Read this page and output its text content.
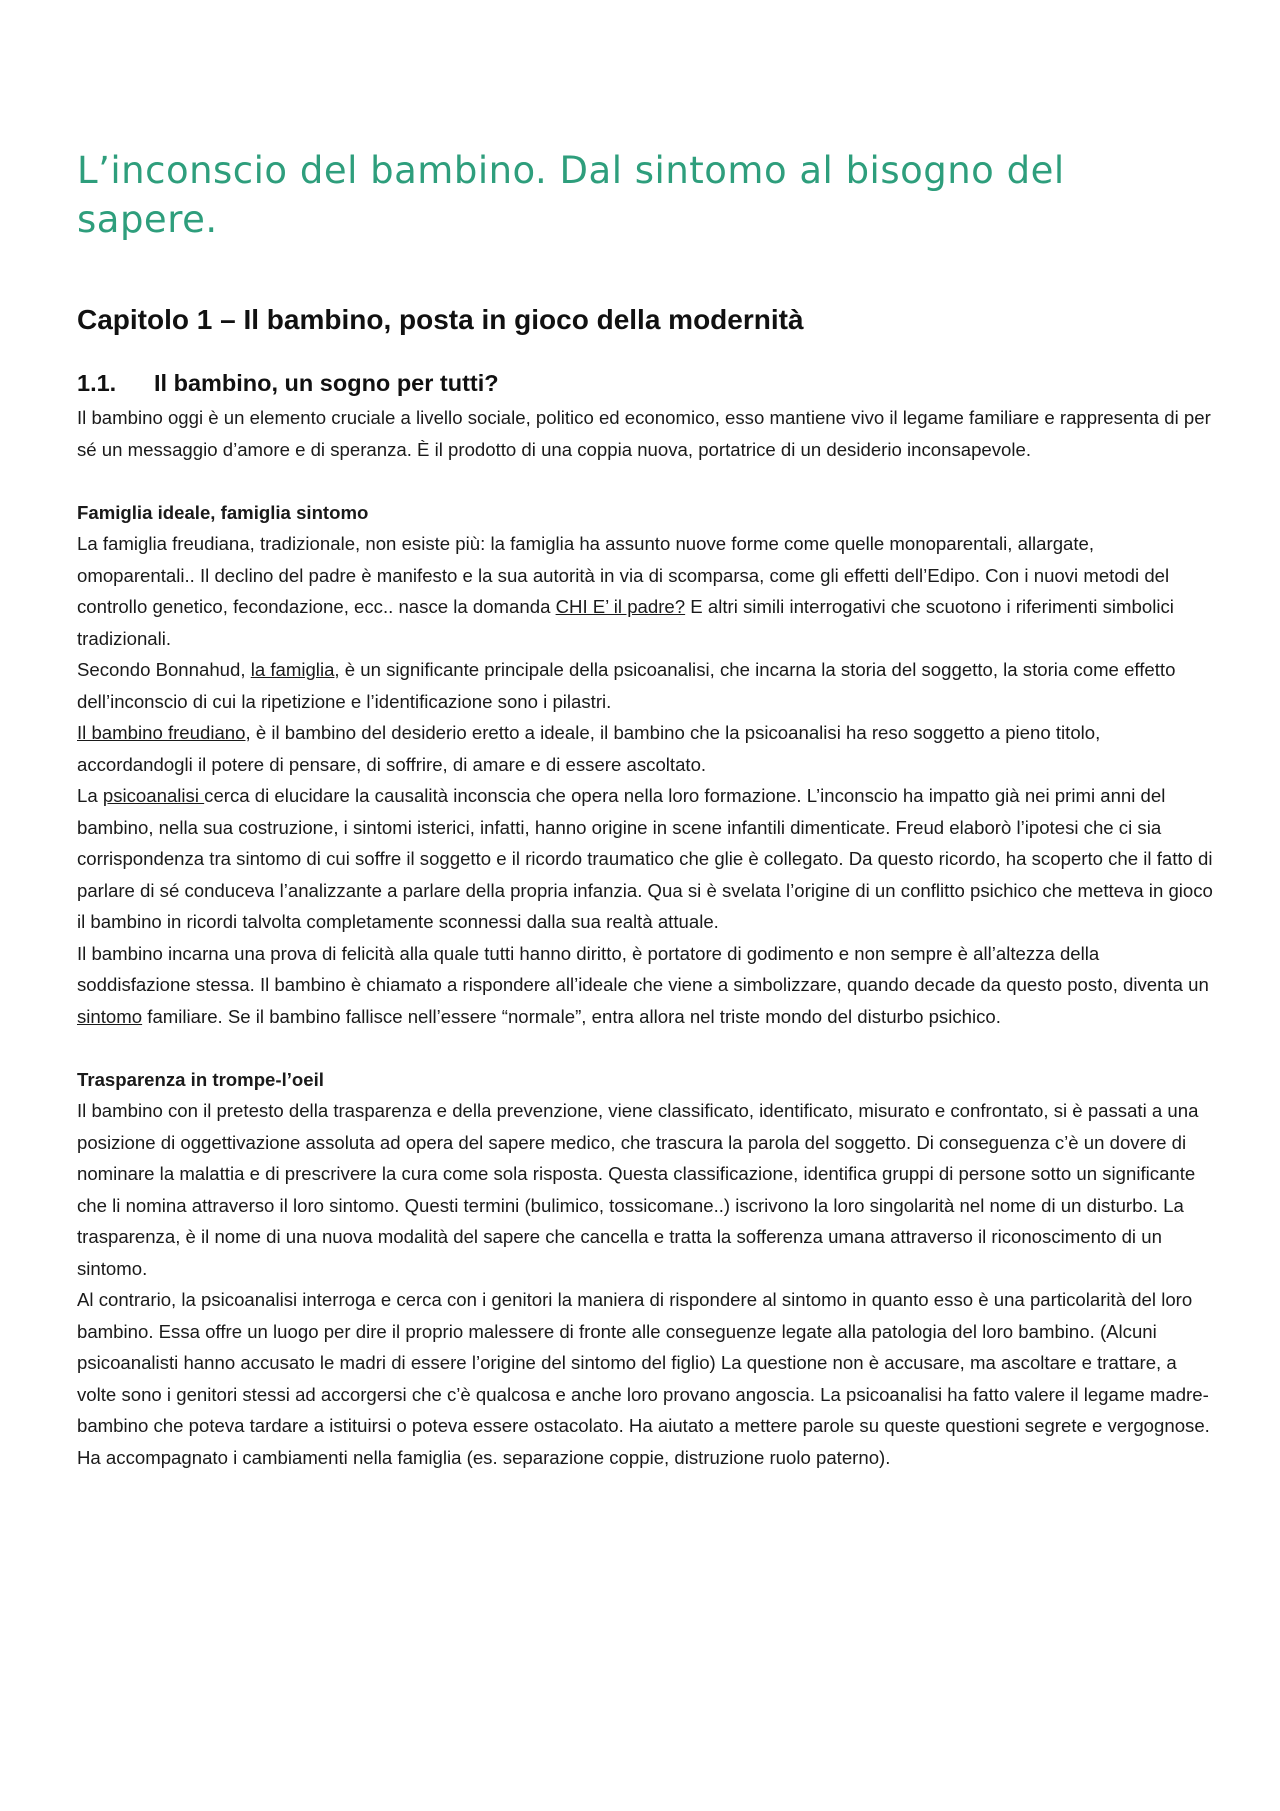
L’inconscio del bambino. Dal sintomo al bisogno del sapere.
Capitolo 1 – Il bambino, posta in gioco della modernità
1.1. Il bambino, un sogno per tutti?

Il bambino oggi è un elemento cruciale a livello sociale, politico ed economico, esso mantiene vivo il legame familiare e rappresenta di per sé un messaggio d’amore e di speranza. È il prodotto di una coppia nuova, portatrice di un desiderio inconsapevole.

Famiglia ideale, famiglia sintomo

La famiglia freudiana, tradizionale, non esiste più: la famiglia ha assunto nuove forme come quelle monoparentali, allargate, omoparentali.. Il declino del padre è manifesto e la sua autorità in via di scomparsa, come gli effetti dell’Edipo. Con i nuovi metodi del controllo genetico, fecondazione, ecc.. nasce la domanda CHI E’ il padre? E altri simili interrogativi che scuotono i riferimenti simbolici tradizionali.

Secondo Bonnahud, la famiglia, è un significante principale della psicoanalisi, che incarna la storia del soggetto, la storia come effetto dell’inconscio di cui la ripetizione e l’identificazione sono i pilastri.

Il bambino freudiano, è il bambino del desiderio eretto a ideale, il bambino che la psicoanalisi ha reso soggetto a pieno titolo, accordandogli il potere di pensare, di soffrire, di amare e di essere ascoltato.

La psicoanalisi cerca di elucidare la causalità inconscia che opera nella loro formazione. L’inconscio ha impatto già nei primi anni del bambino, nella sua costruzione, i sintomi isterici, infatti, hanno origine in scene infantili dimenticate. Freud elaborò l’ipotesi che ci sia corrispondenza tra sintomo di cui soffre il soggetto e il ricordo traumatico che glie è collegato. Da questo ricordo, ha scoperto che il fatto di parlare di sé conduceva l’analizzante a parlare della propria infanzia. Qua si è svelata l’origine di un conflitto psichico che metteva in gioco il bambino in ricordi talvolta completamente sconnessi dalla sua realtà attuale.

Il bambino incarna una prova di felicità alla quale tutti hanno diritto, è portatore di godimento e non sempre è all’altezza della soddisfazione stessa. Il bambino è chiamato a rispondere all’ideale che viene a simbolizzare, quando decade da questo posto, diventa un sintomo familiare. Se il bambino fallisce nell’essere “normale”, entra allora nel triste mondo del disturbo psichico.

Trasparenza in trompe-l’oeil

Il bambino con il pretesto della trasparenza e della prevenzione, viene classificato, identificato, misurato e confrontato, si è passati a una posizione di oggettivazione assoluta ad opera del sapere medico, che trascura la parola del soggetto. Di conseguenza c’è un dovere di nominare la malattia e di prescrivere la cura come sola risposta. Questa classificazione, identifica gruppi di persone sotto un significante che li nomina attraverso il loro sintomo. Questi termini (bulimico, tossicomane..) iscrivono la loro singolarità nel nome di un disturbo. La trasparenza, è il nome di una nuova modalità del sapere che cancella e tratta la sofferenza umana attraverso il riconoscimento di un sintomo.

Al contrario, la psicoanalisi interroga e cerca con i genitori la maniera di rispondere al sintomo in quanto esso è una particolarità del loro bambino. Essa offre un luogo per dire il proprio malessere di fronte alle conseguenze legate alla patologia del loro bambino. (Alcuni psicoanalisti hanno accusato le madri di essere l’origine del sintomo del figlio) La questione non è accusare, ma ascoltare e trattare, a volte sono i genitori stessi ad accorgersi che c’è qualcosa e anche loro provano angoscia. La psicoanalisi ha fatto valere il legame madre-bambino che poteva tardare a istituirsi o poteva essere ostacolato. Ha aiutato a mettere parole su queste questioni segrete e vergognose. Ha accompagnato i cambiamenti nella famiglia (es. separazione coppie, distruzione ruolo paterno).
